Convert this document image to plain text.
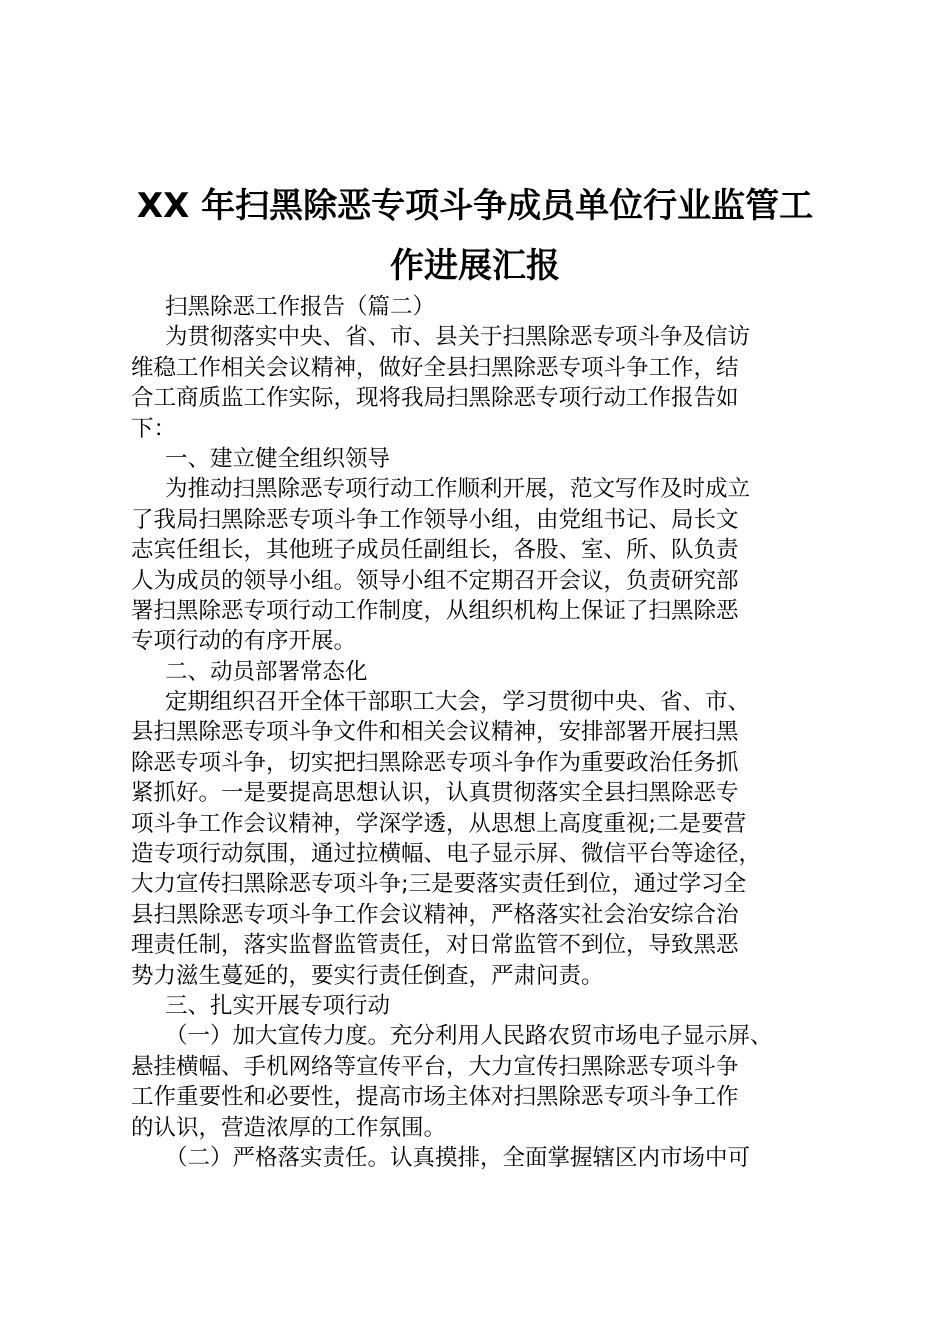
XX 年扫黑除恶专项斗争成员单位行业监管工
作进展汇报
扫黑除恶工作报告（篇二）
为贯彻落实中央、省、市、县关于扫黑除恶专项斗争及信访
维稳工作相关会议精神，做好全县扫黑除恶专项斗争工作，结
合工商质监工作实际，现将我局扫黑除恶专项行动工作报告如
下：
一、建立健全组织领导
为推动扫黑除恶专项行动工作顺利开展，范文写作及时成立
了我局扫黑除恶专项斗争工作领导小组，由党组书记、局长文
志宾任组长，其他班子成员任副组长，各股、室、所、队负责
人为成员的领导小组。领导小组不定期召开会议，负责研究部
署扫黑除恶专项行动工作制度，从组织机构上保证了扫黑除恶
专项行动的有序开展。
二、动员部署常态化
定期组织召开全体干部职工大会，学习贯彻中央、省、市、
县扫黑除恶专项斗争文件和相关会议精神，安排部署开展扫黑
除恶专项斗争，切实把扫黑除恶专项斗争作为重要政治任务抓
紧抓好。一是要提高思想认识，认真贯彻落实全县扫黑除恶专
项斗争工作会议精神，学深学透，从思想上高度重视;二是要营
造专项行动氛围，通过拉横幅、电子显示屏、微信平台等途径，
大力宣传扫黑除恶专项斗争;三是要落实责任到位，通过学习全
县扫黑除恶专项斗争工作会议精神，严格落实社会治安综合治
理责任制，落实监督监管责任，对日常监管不到位，导致黑恶
势力滋生蔓延的，要实行责任倒查，严肃问责。
三、扎实开展专项行动
（一）加大宣传力度。充分利用人民路农贸市场电子显示屏、
悬挂横幅、手机网络等宣传平台，大力宣传扫黑除恶专项斗争
工作重要性和必要性，提高市场主体对扫黑除恶专项斗争工作
的认识，营造浓厚的工作氛围。
（二）严格落实责任。认真摸排，全面掌握辖区内市场中可
